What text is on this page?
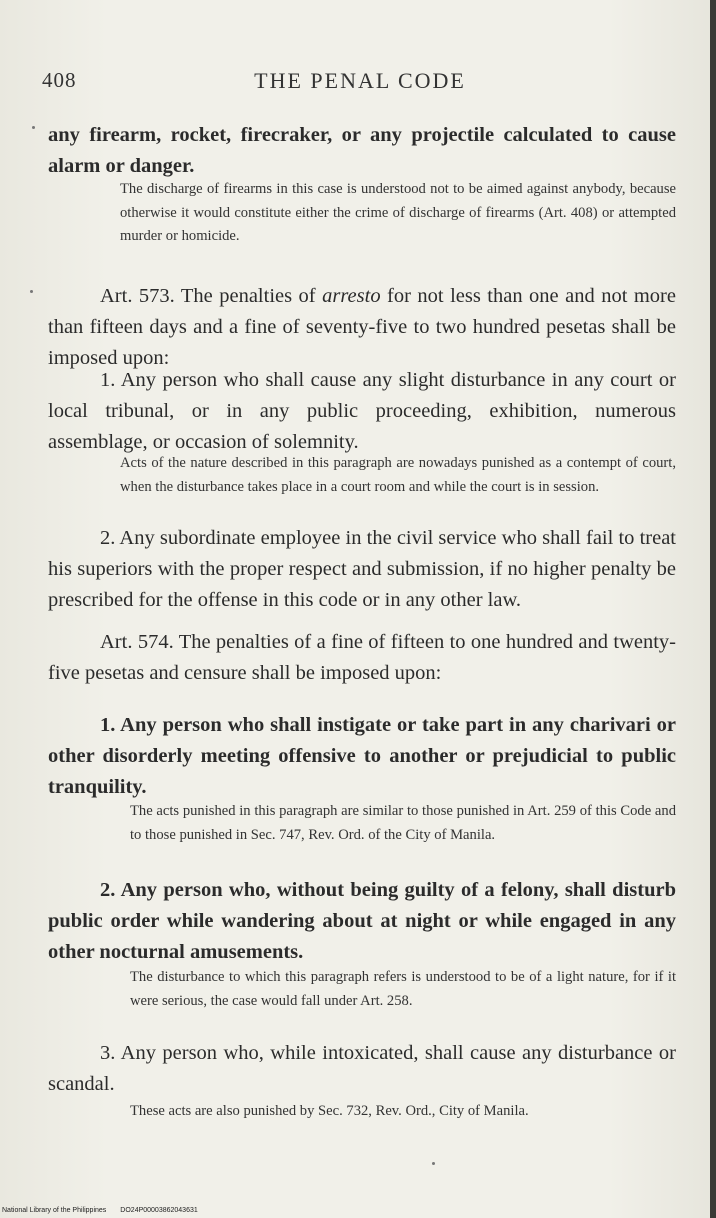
THE PENAL CODE
408
any firearm, rocket, firecraker, or any projectile calculated to cause alarm or danger.
The discharge of firearms in this case is understood not to be aimed against anybody, because otherwise it would constitute either the crime of discharge of firearms (Art. 408) or attempted murder or homicide.
Art. 573. The penalties of arresto for not less than one and not more than fifteen days and a fine of seventy-five to two hundred pesetas shall be imposed upon:
1. Any person who shall cause any slight disturbance in any court or local tribunal, or in any public proceeding, exhibition, numerous assemblage, or occasion of solemnity.
Acts of the nature described in this paragraph are nowadays punished as a contempt of court, when the disturbance takes place in a court room and while the court is in session.
2. Any subordinate employee in the civil service who shall fail to treat his superiors with the proper respect and submission, if no higher penalty be prescribed for the offense in this code or in any other law.
Art. 574. The penalties of a fine of fifteen to one hundred and twenty-five pesetas and censure shall be imposed upon:
1. Any person who shall instigate or take part in any charivari or other disorderly meeting offensive to another or prejudicial to public tranquility.
The acts punished in this paragraph are similar to those punished in Art. 259 of this Code and to those punished in Sec. 747, Rev. Ord. of the City of Manila.
2. Any person who, without being guilty of a felony, shall disturb public order while wandering about at night or while engaged in any other nocturnal amusements.
The disturbance to which this paragraph refers is understood to be of a light nature, for if it were serious, the case would fall under Art. 258.
3. Any person who, while intoxicated, shall cause any disturbance or scandal.
These acts are also punished by Sec. 732, Rev. Ord., City of Manila.
National Library of the Philippines DO24P00003862043631
